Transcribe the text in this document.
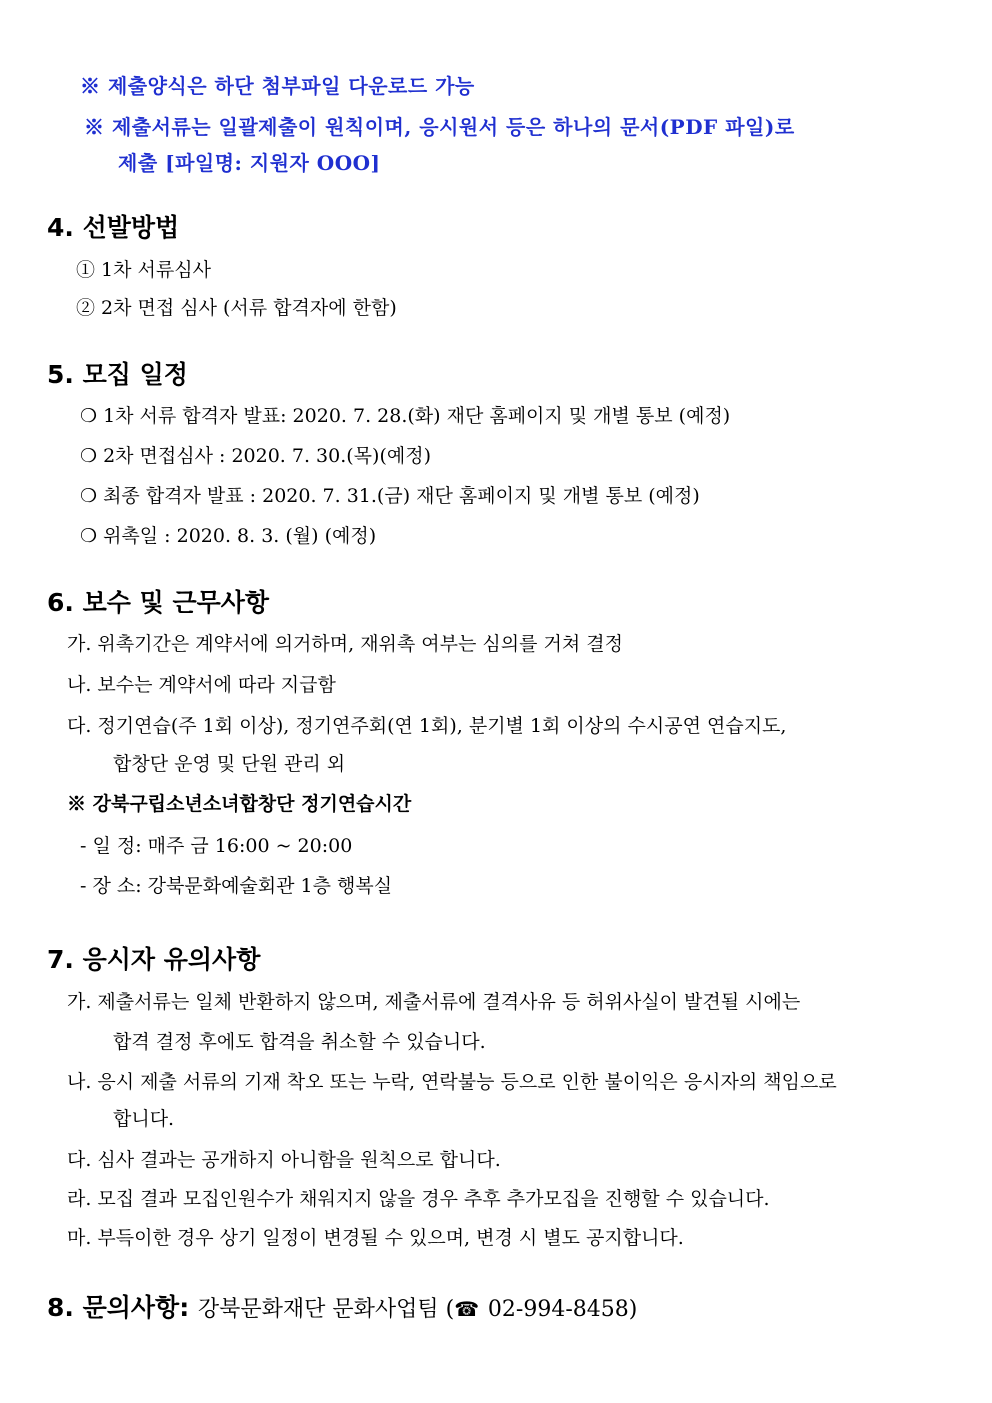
※ 제출양식은 하단 첨부파일 다운로드 가능
※ 제출서류는 일괄제출이 원칙이며, 응시원서 등은 하나의 문서(PDF 파일)로
제출 [파일명: 지원자 OOO]
4. 선발방법
① 1차 서류심사
② 2차 면접 심사 (서류 합격자에 한함)
5. 모집 일정
❍ 1차 서류 합격자 발표: 2020. 7. 28.(화) 재단 홈페이지 및 개별 통보 (예정)
❍ 2차 면접심사 : 2020. 7. 30.(목)(예정)
❍ 최종 합격자 발표 : 2020. 7. 31.(금) 재단 홈페이지 및 개별 통보 (예정)
❍ 위촉일 : 2020. 8. 3. (월) (예정)
6. 보수 및 근무사항
가. 위촉기간은 계약서에 의거하며, 재위촉 여부는 심의를 거쳐 결정
나. 보수는 계약서에 따라 지급함
다. 정기연습(주 1회 이상), 정기연주회(연 1회), 분기별 1회 이상의 수시공연 연습지도,
합창단 운영 및 단원 관리 외
※ 강북구립소년소녀합창단 정기연습시간
- 일 정: 매주 금 16:00 ~ 20:00
- 장 소: 강북문화예술회관 1층 행복실
7. 응시자 유의사항
가. 제출서류는 일체 반환하지 않으며, 제출서류에 결격사유 등 허위사실이 발견될 시에는
합격 결정 후에도 합격을 취소할 수 있습니다.
나. 응시 제출 서류의 기재 착오 또는 누락, 연락불능 등으로 인한 불이익은 응시자의 책임으로
합니다.
다. 심사 결과는 공개하지 아니함을 원칙으로 합니다.
라. 모집 결과 모집인원수가 채워지지 않을 경우 추후 추가모집을 진행할 수 있습니다.
마. 부득이한 경우 상기 일정이 변경될 수 있으며, 변경 시 별도 공지합니다.
8. 문의사항: 강북문화재단 문화사업팀 (☎ 02-994-8458)
